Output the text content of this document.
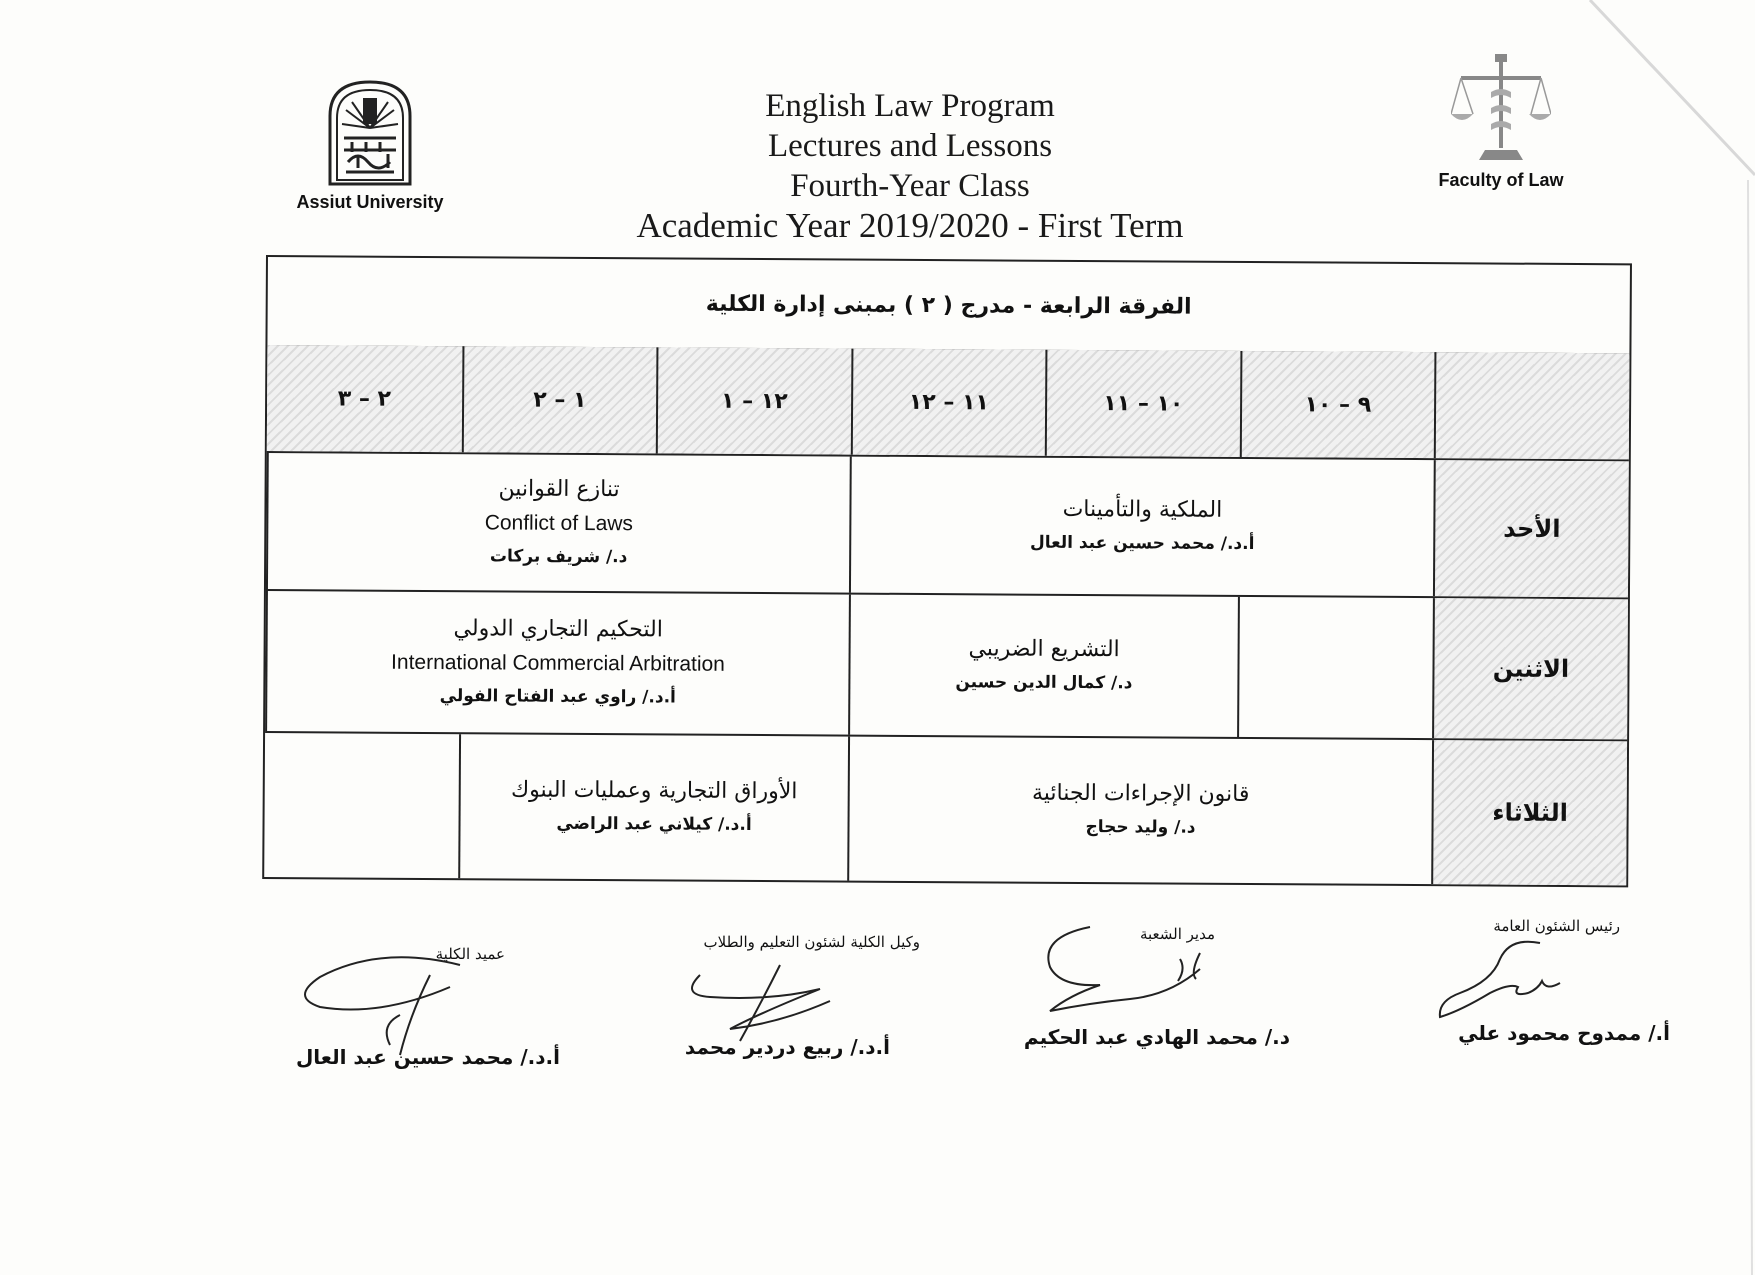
Assiut University
English Law Program
Lectures and Lessons
Fourth-Year Class
Academic Year 2019/2020 - First Term
Faculty of Law
الفرقة الرابعة - مدرج ( ٢ ) بمبنى إدارة الكلية
٩ – ١٠
١٠ – ١١
١١ – ١٢
١٢ – ١
١ – ٢
٢ – ٣
الأحد
الملكية والتأمينات
أ.د./ محمد حسين عبد العال
تنازع القوانين
Conflict of Laws
د./ شريف بركات
الاثنين
التشريع الضريبي
د./ كمال الدين حسين
التحكيم التجاري الدولي
International Commercial Arbitration
أ.د./ راوي عبد الفتاح الفولي
الثلاثاء
قانون الإجراءات الجنائية
د./ وليد حجاج
الأوراق التجارية وعمليات البنوك
أ.د./ كيلاني عبد الراضي
رئيس الشئون العامة
أ./ ممدوح محمود علي
مدير الشعبة
د./ محمد الهادي عبد الحكيم
وكيل الكلية لشئون التعليم والطلاب
أ.د./ ربيع دردير محمد
عميد الكلية
أ.د./ محمد حسين عبد العال
